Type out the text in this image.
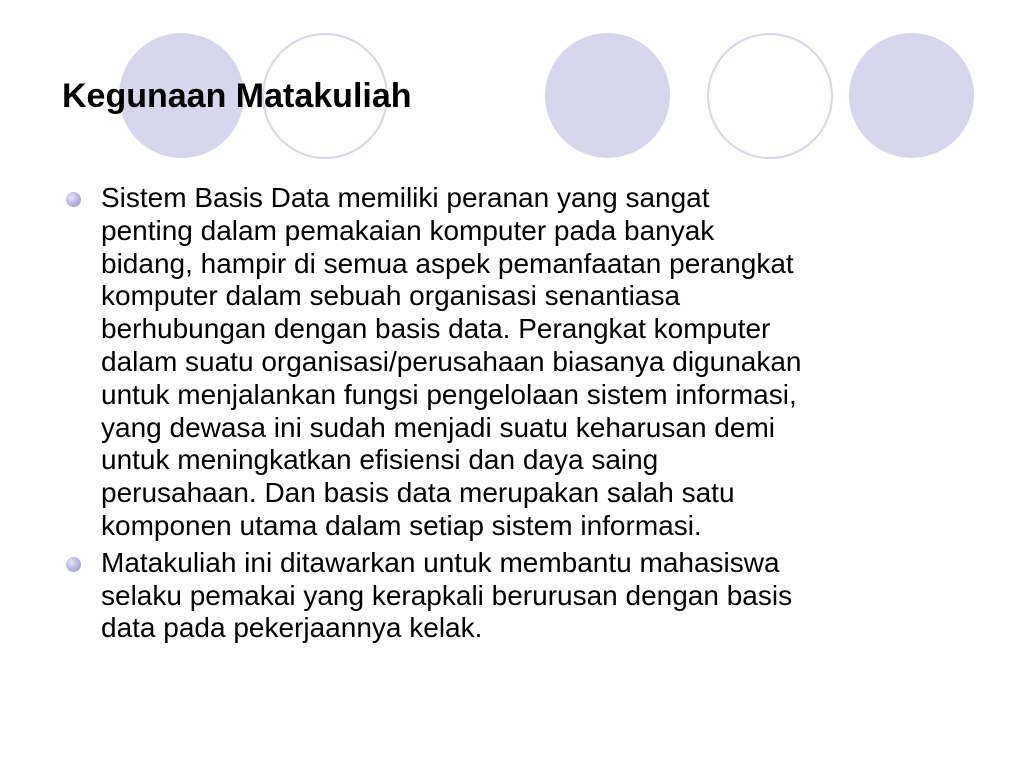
Kegunaan Matakuliah
Sistem Basis Data memiliki peranan yang sangat
penting dalam pemakaian komputer pada banyak
bidang, hampir di semua aspek pemanfaatan perangkat
komputer dalam sebuah organisasi senantiasa
berhubungan dengan basis data. Perangkat komputer
dalam suatu organisasi/perusahaan biasanya digunakan
untuk menjalankan fungsi pengelolaan sistem informasi,
yang dewasa ini sudah menjadi suatu keharusan demi
untuk meningkatkan efisiensi dan daya saing
perusahaan. Dan basis data merupakan salah satu
komponen utama dalam setiap sistem informasi.
Matakuliah ini ditawarkan untuk membantu mahasiswa
selaku pemakai yang kerapkali berurusan dengan basis
data pada pekerjaannya kelak.
